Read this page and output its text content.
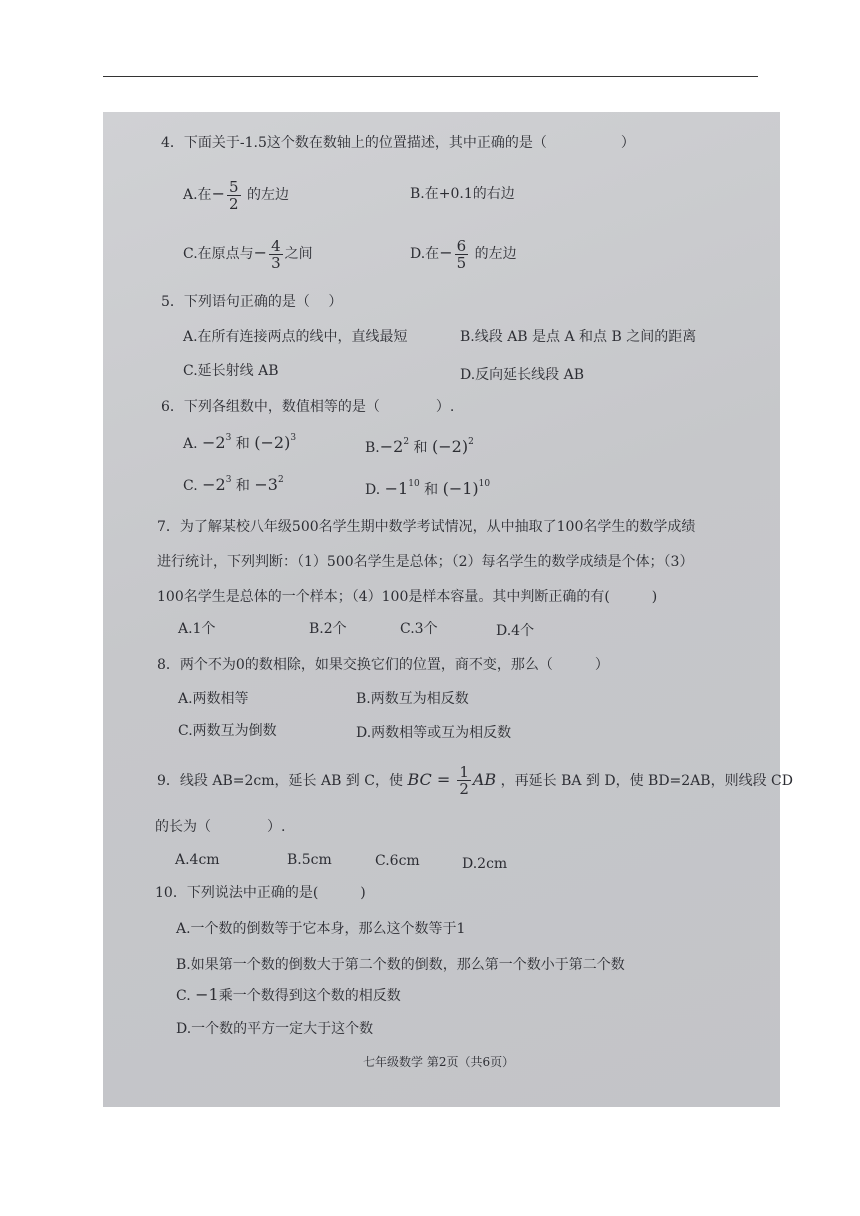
4．下面关于-1.5这个数在数轴上的位置描述，其中正确的是（	）
A.在− $\frac{5}{2}$ 的左边	B.在+0.1的右边
C.在原点与− $\frac{4}{3}$ 之间	D.在− $\frac{6}{5}$ 的左边
5．下列语句正确的是（　 ）
A.在所有连接两点的线中，直线最短	B.线段 AB 是点 A 和点 B 之间的距离
C.延长射线 AB	D.反向延长线段 AB
6．下列各组数中，数值相等的是（　　　　）.
A. $-2^3$ 和 $(-2)^3$
$B.-2^2$ 和 $(-2)^2$
C. $-2^3$ 和 $-3^2$
D. $-1^{10}$ 和 $(-1)^{10}$
7．为了解某校八年级500名学生期中数学考试情况，从中抽取了100名学生的数学成绩
进行统计，下列判断：（1）500名学生是总体；（2）每名学生的数学成绩是个体；（3）
100名学生是总体的一个样本；（4）100是样本容量。其中判断正确的有(　　　)
A.1个	B.2个	C.3个	D.4个
8．两个不为0的数相除，如果交换它们的位置，商不变，那么（　　　）
A.两数相等	B.两数互为相反数
C.两数互为倒数	D.两数相等或互为相反数
9．线段 AB=2cm，延长 AB 到 C，使 BC = $\frac{1}{2}$ AB ，再延长 BA 到 D，使 BD=2AB，则线段 CD
的长为（　　　　）.
A.4cm	B.5cm	C.6cm	D.2cm
10．下列说法中正确的是(　　　)
A.一个数的倒数等于它本身，那么这个数等于1
B.如果第一个数的倒数大于第二个数的倒数，那么第一个数小于第二个数
C. −1乘一个数得到这个数的相反数
D.一个数的平方一定大于这个数
七年级数学 第2页（共6页）
